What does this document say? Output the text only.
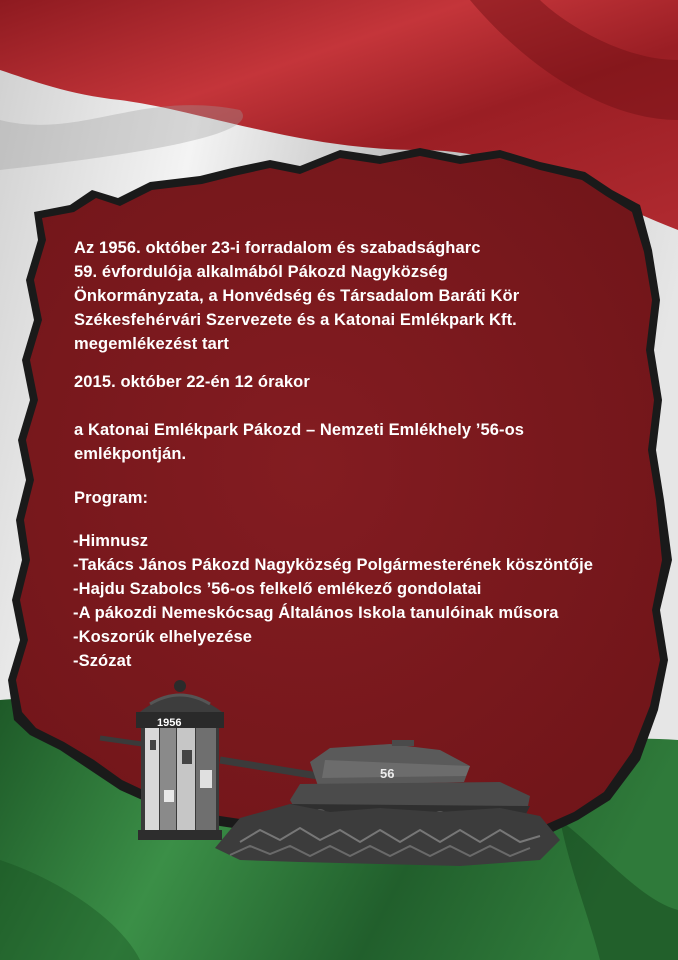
1956
56
Az 1956. október 23-i forradalom és szabadságharc
59. évfordulója alkalmából Pákozd Nagyközség
Önkormányzata, a Honvédség és Társadalom Baráti Kör
Székesfehérvári Szervezete és a Katonai Emlékpark Kft.
megemlékezést tart
2015. október 22-én 12 órakor
a Katonai Emlékpark Pákozd – Nemzeti Emlékhely ’56-os
emlékpontján.
Program:
-Himnusz
-Takács János Pákozd Nagyközség Polgármesterének köszöntője
-Hajdu Szabolcs ’56-os felkelő emlékező gondolatai
-A pákozdi Nemeskócsag Általános Iskola tanulóinak műsora
-Koszorúk elhelyezése
-Szózat
